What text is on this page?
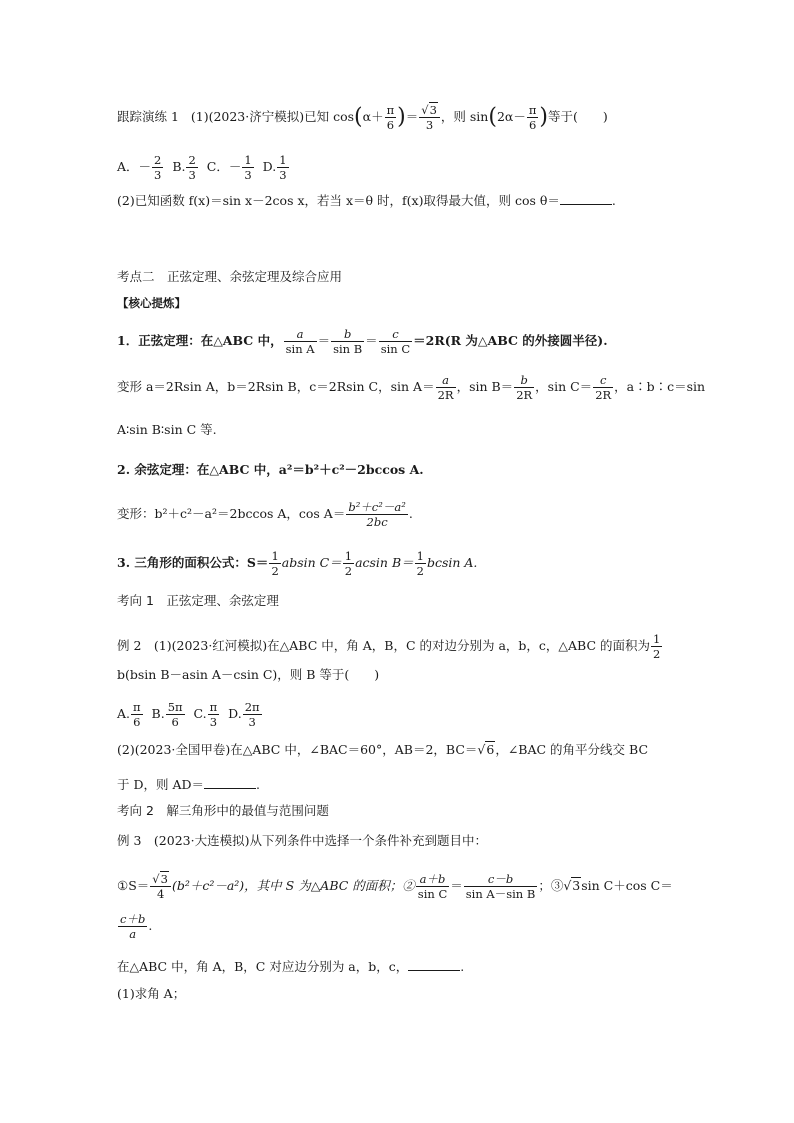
跟踪演练 1 (1)(2023·济宁模拟)已知 $\cos(\alpha+ \frac{\pi}{6}$ )＝ $\frac{√3}{3}$ ，则 $\sin(2\alpha- \frac{\pi}{6}$ )等于(　　)
A．－ $\frac{2}{3} B$. $\frac{2}{3}$ C．－ $\frac{1}{3} D$. $\frac{1}{3}$
(2)已知函数 f(x)＝sin x－2cos x，若当 x＝θ 时，f(x)取得最大值，则 cos θ＝	.
考点二　正弦定理、余弦定理及综合应用
【核心提炼】
1．正弦定理：在△ABC 中， $\frac{a}{\text{sin A}} = \frac{b}{\text{sin B}} = \frac{c}{\text{sin C}} =2R(R$ 为△ABC 的外接圆半径).
变形 a＝2Rsin A，b＝2Rsin B，c＝2Rsin C，$\sin A= \frac{a}{2R}$ ，$\sin B= \frac{b}{2R}$ ，$\sin C= \frac{c}{2R}$ ，a∶b∶c＝sin
A∶sin B∶sin C 等.
2. 余弦定理：在△ABC 中，a²＝b²＋c²－2bccos A.
变形：b²＋c²－a²＝2bccos A，$\cos A= \frac{\text{b²＋c²－a²}}{2bc}$ .
3. 三角形的面积公式：$S= \frac{1}{2}$ absin $C= \frac{1}{2}$ acsin $B= \frac{1}{2}$ bcsin A.
考向 1　正弦定理、余弦定理
例 2　(1)(2023·红河模拟)在△ABC 中，角 A，B，C 的对边分别为 a，b，c，△ABC 的面积为 $\frac{1}{2}$
b(bsin B－asin A－csin C)，则 B 等于(　　)
A. $\frac{\pi}{6} B$. $\frac{5\pi}{6} C$. $\frac{\pi}{3} D$. $\frac{2\pi}{3}$
(2)(2023·全国甲卷)在△ABC 中，∠BAC＝60°，AB＝2，BC＝√6，∠BAC 的角平分线交 BC
于 D，则 AD＝	.
考向 2　解三角形中的最值与范围问题
例 3　(2023·大连模拟)从下列条件中选择一个条件补充到题目中：
①S＝ $\frac{√3}{4} (b^2+c^2-a^2)$，其中 S 为△ABC 的面积；② $\frac{a+b}{\text{sin C}} = \frac{c-b}{\text{sin A－sin B}}$ ；③√3sin C＋cos C＝
$\frac{c+b}{a}$ .
在△ABC 中，角 A，B，C 对应边分别为 a，b，c，	.
(1)求角 A；
